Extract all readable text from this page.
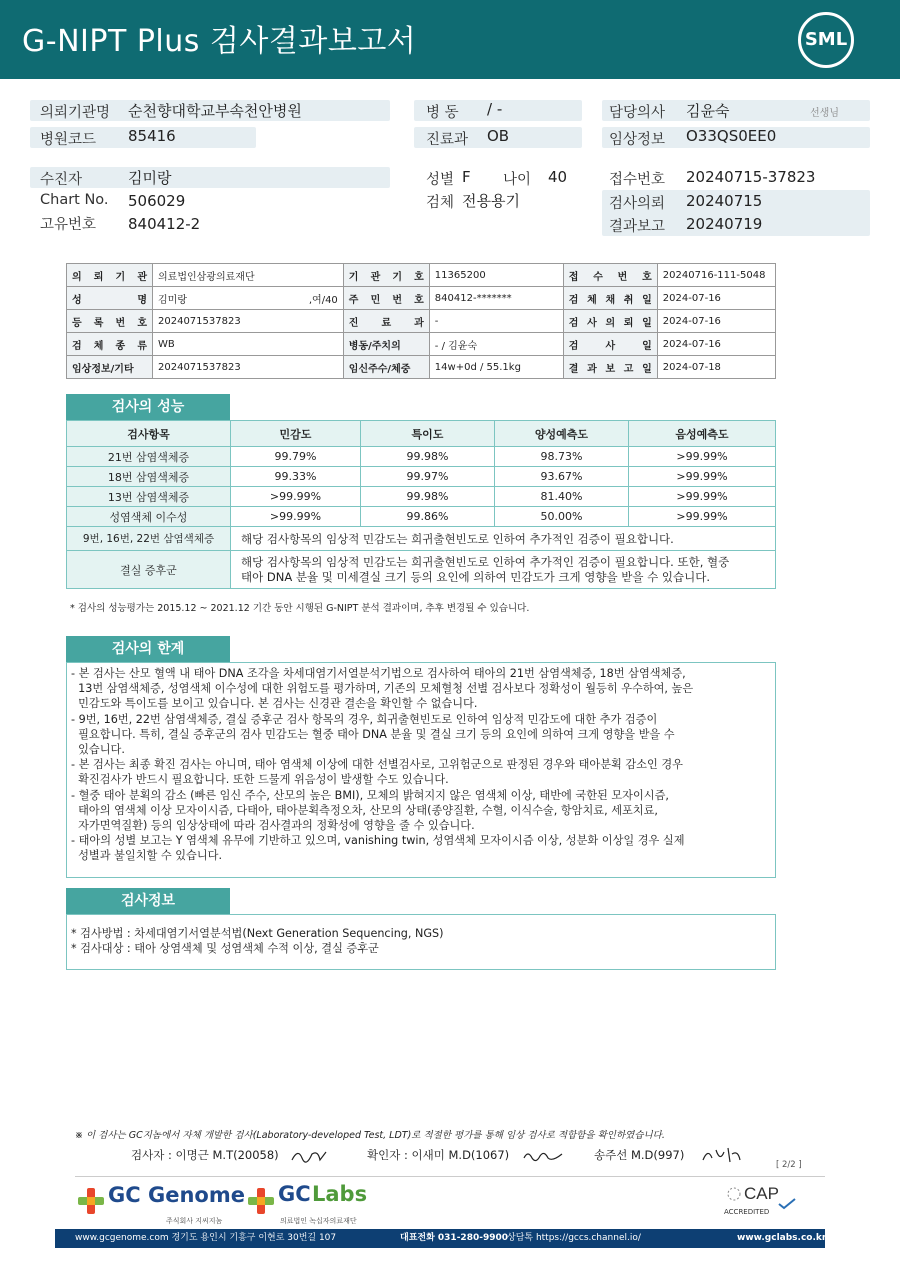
G-NIPT Plus 검사결과보고서	SML
의뢰기관명 순천향대학교부속천안병원
병원코드 85416
병 동 / -
진료과 OB
담당의사 김윤숙	선생님
임상정보 O33QS0EE0
수진자	김미랑
Chart No. 506029
고유번호 840412-2
성별 F 나이 40
검체 전용용기
접수번호 20240715-37823
검사의뢰 20240715
결과보고 20240719
의 뢰 기 관	의료법인삼광의료재단		기 관 기 호	11365200	접 수 번 호	20240716-111-5048
성 명	김미랑	,여/40	주 민 번 호	840412-*******	검 체 채 취 일	2024-07-16
등 록 번 호	2024071537823		진 료 과	-	검 사 의 뢰 일	2024-07-16
검 체 종 류	WB		병동/주치의	- / 김윤숙	검 사 일	2024-07-16
임상정보/기타	2024071537823		임신주수/체중	14w+0d / 55.1kg	결 과 보 고 일	2024-07-18
검사의 성능
검사항목	민감도	특이도	양성예측도	음성예측도
21번 삼염색체증	99.79%	99.98%	98.73%	>99.99%
18번 삼염색체증	99.33%	99.97%	93.67%	>99.99%
13번 삼염색체증	>99.99%	99.98%	81.40%	>99.99%
성염색체 이수성	>99.99%	99.86%	50.00%	>99.99%
9번, 16번, 22번 삼염색체증	해당 검사항목의 임상적 민감도는 희귀출현빈도로 인하여 추가적인 검증이 필요합니다.			
결실 증후군	해당 검사항목의 임상적 민감도는 희귀출현빈도로 인하여 추가적인 검증이 필요합니다. 또한, 혈중
태아 DNA 분율 및 미세결실 크기 등의 요인에 의하여 민감도가 크게 영향을 받을 수 있습니다.			
* 검사의 성능평가는 2015.12 ~ 2021.12 기간 동안 시행된 G-NIPT 분석 결과이며, 추후 변경될 수 있습니다.
검사의 한계
- 본 검사는 산모 혈액 내 태아 DNA 조각을 차세대염기서열분석기법으로 검사하여 태아의 21번 삼염색체증, 18번 삼염색체증,
13번 삼염색체증, 성염색체 이수성에 대한 위험도를 평가하며, 기존의 모체혈청 선별 검사보다 정확성이 월등히 우수하여, 높은
민감도와 특이도를 보이고 있습니다. 본 검사는 신경관 결손을 확인할 수 없습니다.
- 9번, 16번, 22번 삼염색체증, 결실 증후군 검사 항목의 경우, 희귀출현빈도로 인하여 임상적 민감도에 대한 추가 검증이
필요합니다. 특히, 결실 증후군의 검사 민감도는 혈중 태아 DNA 분율 및 결실 크기 등의 요인에 의하여 크게 영향을 받을 수
있습니다.
- 본 검사는 최종 확진 검사는 아니며, 태아 염색체 이상에 대한 선별검사로, 고위험군으로 판정된 경우와 태아분획 감소인 경우
확진검사가 반드시 필요합니다. 또한 드물게 위음성이 발생할 수도 있습니다.
- 혈중 태아 분획의 감소 (빠른 임신 주수, 산모의 높은 BMI), 모체의 밝혀지지 않은 염색체 이상, 태반에 국한된 모자이시즘,
태아의 염색체 이상 모자이시즘, 다태아, 태아분획측정오차, 산모의 상태(종양질환, 수혈, 이식수술, 항암치료, 세포치료,
자가면역질환) 등의 임상상태에 따라 검사결과의 정확성에 영향을 줄 수 있습니다.
- 태아의 성별 보고는 Y 염색체 유무에 기반하고 있으며, vanishing twin, 성염색체 모자이시즘 이상, 성분화 이상일 경우 실제
성별과 불일치할 수 있습니다.
검사정보
* 검사방법 : 차세대염기서열분석법(Next Generation Sequencing, NGS)
* 검사대상 : 태아 상염색체 및 성염색체 수적 이상, 결실 증후군
※ 이 검사는 GC지놈에서 자체 개발한 검사(Laboratory-developed Test, LDT)로 적절한 평가를 통해 임상 검사로 적합함을 확인하였습니다.
검사자 : 이명근 M.T(20058)	확인자 : 이새미 M.D(1067)	송주선 M.D(997)
[ 2/2 ]
GC Genome
주식회사 지씨지놈
GC Labs
의료법인 녹십자의료재단
CAP
ACCREDITED
www.gcgenome.com 경기도 용인시 기흥구 이현로 30번길 107	대표전화 031-280-9900
상담톡 https://gccs.channel.io/	www.gclabs.co.kr
